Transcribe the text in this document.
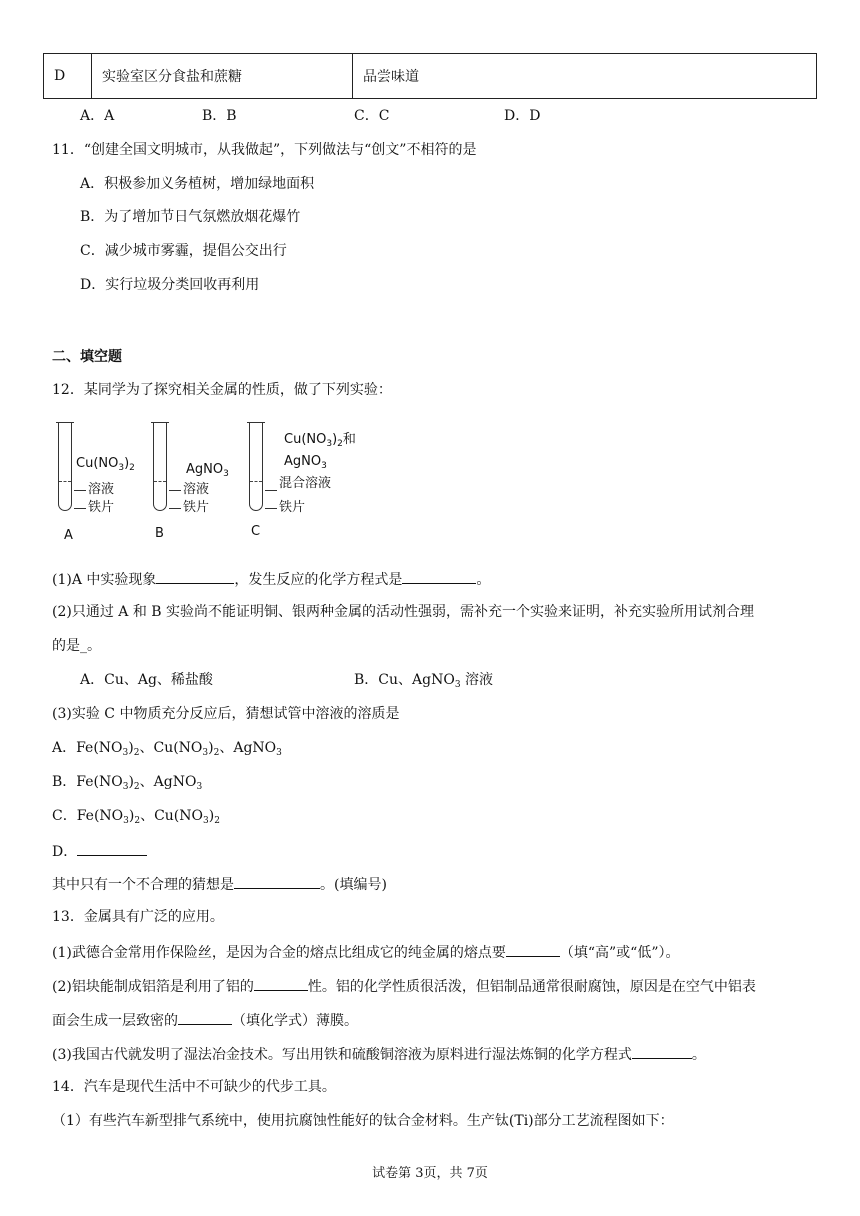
D	实验室区分食盐和蔗糖	品尝味道
A．A	B．B	C．C	D．D
11．“创建全国文明城市，从我做起”，下列做法与“创文”不相符的是
A．积极参加义务植树，增加绿地面积
B．为了增加节日气氛燃放烟花爆竹
C．减少城市雾霾，提倡公交出行
D．实行垃圾分类回收再利用
二、填空题
12．某同学为了探究相关金属的性质，做了下列实验：
$Cu(NO_3)_2$
溶液
铁片
A
AgNO$_3$
溶液
铁片
B
$Cu(NO_3)_2$和
AgNO$_3$
混合溶液
铁片
C
(1)A 中实验现象	，发生反应的化学方程式是	。
(2)只通过 A 和 B 实验尚不能证明铜、银两种金属的活动性强弱，需补充一个实验来证明，补充实验所用试剂合理
的是_。
A．Cu、Ag、稀盐酸	B．Cu、AgNO$_3$ 溶液
(3)实验 C 中物质充分反应后，猜想试管中溶液的溶质是
A．$Fe(NO_3)_2$、$Cu(NO_3)_2$、AgNO$_3$
B．$Fe(NO_3)_2$、AgNO$_3$
C．$Fe(NO_3)_2$、$Cu(NO_3)_2$
D．
其中只有一个不合理的猜想是	。(填编号)
13．金属具有广泛的应用。
(1)武德合金常用作保险丝，是因为合金的熔点比组成它的纯金属的熔点要	（填“高”或“低”）。
(2)铝块能制成铝箔是利用了铝的	性。铝的化学性质很活泼，但铝制品通常很耐腐蚀，原因是在空气中铝表
面会生成一层致密的	（填化学式）薄膜。
(3)我国古代就发明了湿法冶金技术。写出用铁和硫酸铜溶液为原料进行湿法炼铜的化学方程式	。
14．汽车是现代生活中不可缺少的代步工具。
（1）有些汽车新型排气系统中，使用抗腐蚀性能好的钛合金材料。生产钛(Ti)部分工艺流程图如下：
试卷第 3页，共 7页
